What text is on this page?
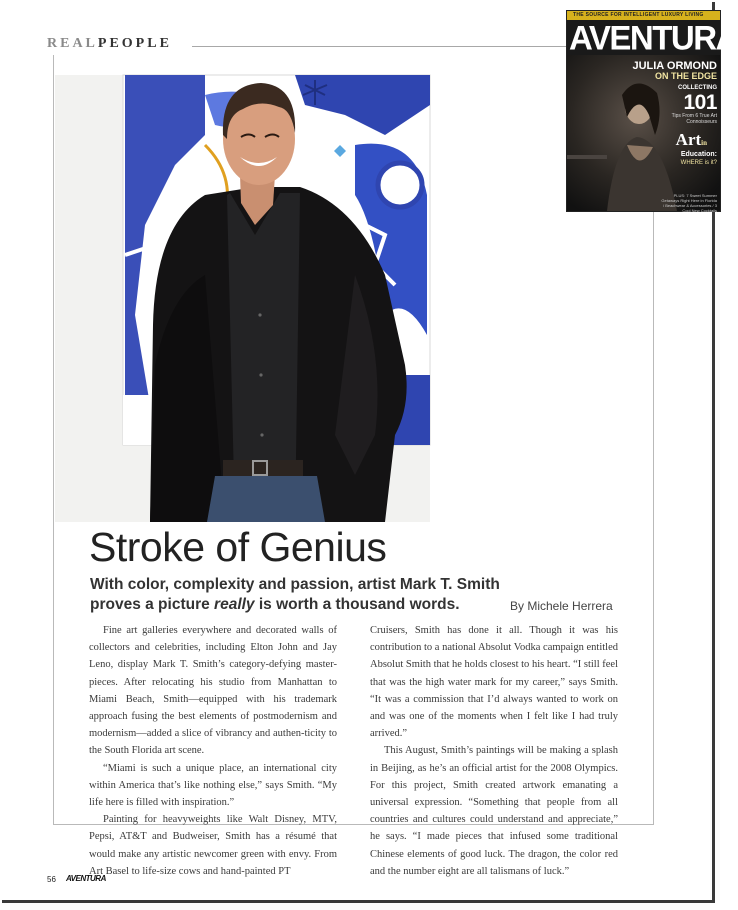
REALPEOPLE
THE SOURCE FOR INTELLIGENT LUXURY LIVING
AVENTURA
JULIA ORMOND
ON THE EDGE
COLLECTING
101
Tips From 6 True Art Connoisseurs
Artin
Education:
WHERE is it?
PLUS: 7 Sweet Summer Getaways Right Here in Florida / Beachwear & Accessories / 3 Cool New Cocktails
Stroke of Genius
With color, complexity and passion, artist Mark T. Smith proves a picture really is worth a thousand words.	By Michele Herrera

Fine art galleries everywhere and decorated walls of collectors and celebrities, including Elton John and Jay Leno, display Mark T. Smith’s category-defying master-pieces. After relocating his studio from Manhattan to Miami Beach, Smith—equipped with his trademark approach fusing the best elements of postmodernism and modernism—added a slice of vibrancy and authen-ticity to the South Florida art scene.

“Miami is such a unique place, an international city within America that’s like nothing else,” says Smith. “My life here is filled with inspiration.”

Painting for heavyweights like Walt Disney, MTV, Pepsi, AT&T and Budweiser, Smith has a résumé that would make any artistic newcomer green with envy. From Art Basel to life-size cows and hand-painted PT

Cruisers, Smith has done it all. Though it was his contribution to a national Absolut Vodka campaign entitled Absolut Smith that he holds closest to his heart. “I still feel that was the high water mark for my career,” says Smith. “It was a commission that I’d always wanted to work on and was one of the moments when I felt like I had truly arrived.”

This August, Smith’s paintings will be making a splash in Beijing, as he’s an official artist for the 2008 Olympics. For this project, Smith created artwork emanating a universal expression. “Something that people from all countries and cultures could understand and appreciate,” he says. “I made pieces that infused some traditional Chinese elements of good luck. The dragon, the color red and the number eight are all talismans of luck.”

56 AVENTURA
